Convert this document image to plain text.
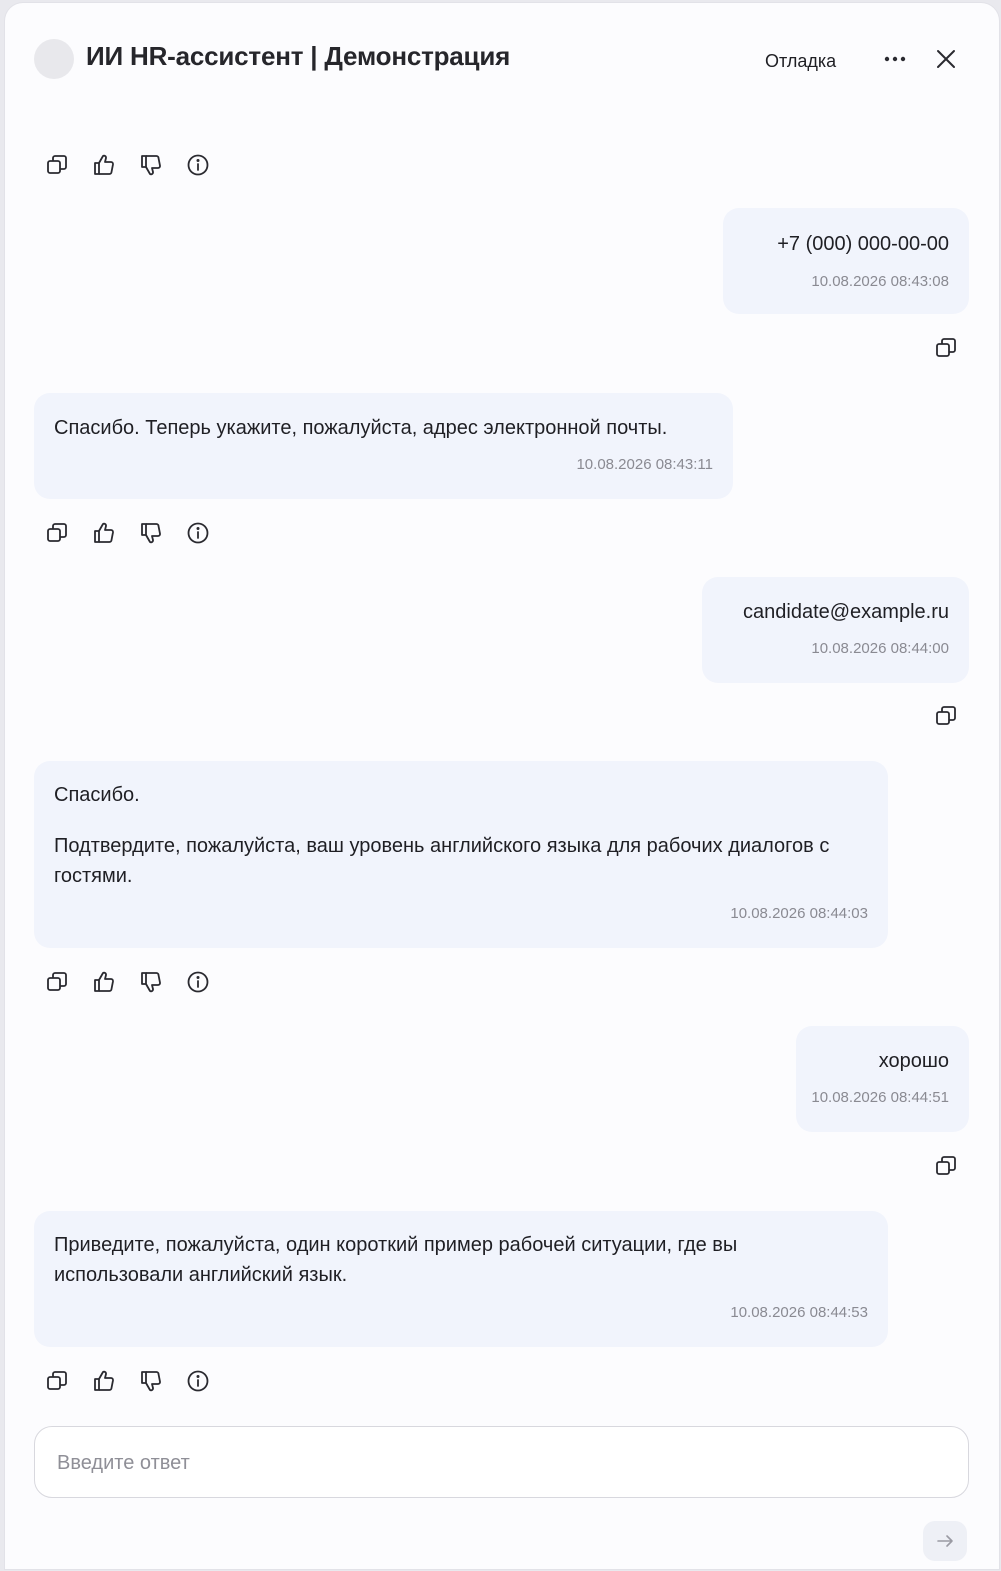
ИИ HR-ассистент | Демонстрация	Отладка

+7 (000) 000-00-00

10.08.2026 08:43:08

Спасибо. Теперь укажите, пожалуйста, адрес электронной почты.

10.08.2026 08:43:11

candidate@example.ru

10.08.2026 08:44:00

Спасибо.

Подтвердите, пожалуйста, ваш уровень английского языка для рабочих диалогов с гостями.

10.08.2026 08:44:03

хорошо

10.08.2026 08:44:51

Приведите, пожалуйста, один короткий пример рабочей ситуации, где вы использовали английский язык.

10.08.2026 08:44:53
Введите ответ
